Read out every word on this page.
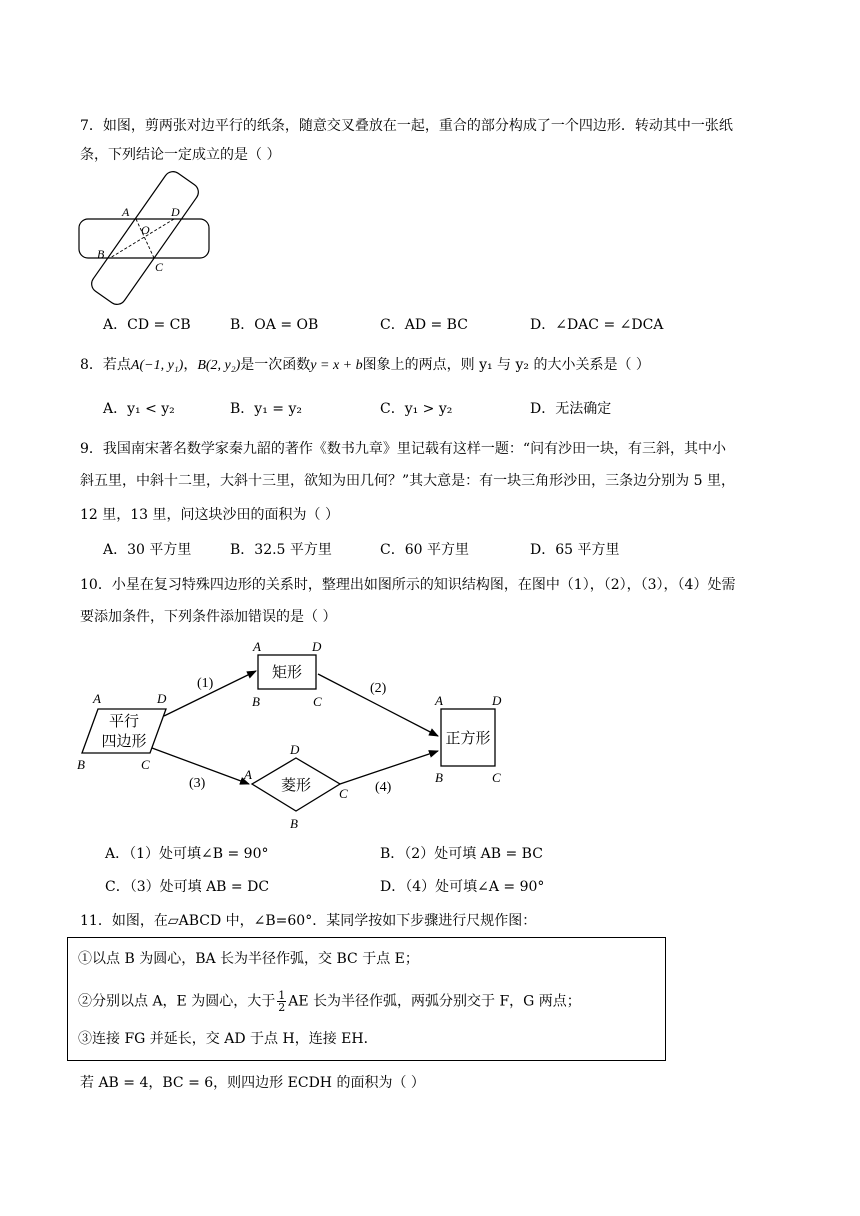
7．如图，剪两张对边平行的纸条，随意交叉叠放在一起，重合的部分构成了一个四边形．转动其中一张纸
条，下列结论一定成立的是（ ）
A	D
O
B
C
A．CD = CB	B．OA = OB	C．AD = BC	D．∠DAC = ∠DCA
8．若点A(−1, y₁)，B(2, y₂)是一次函数y = x + b图象上的两点，则 y₁ 与 y₂ 的大小关系是（ ）
A．y₁ < y₂	B．y₁ = y₂	C．y₁ > y₂	D．无法确定
9．我国南宋著名数学家秦九韶的著作《数书九章》里记载有这样一题：“问有沙田一块，有三斜，其中小
斜五里，中斜十二里，大斜十三里，欲知为田几何？”其大意是：有一块三角形沙田，三条边分别为 5 里，
12 里，13 里，问这块沙田的面积为（ ）
A．30 平方里	B．32.5 平方里	C．60 平方里	D．65 平方里
10．小星在复习特殊四边形的关系时，整理出如图所示的知识结构图，在图中（1），（2），（3），（4）处需
要添加条件，下列条件添加错误的是（ ）
平行
四边形
A	D
B	C
矩形
A	D
B	C
菱形
D
A
C
B
正方形
A	D
B	C
(1)	(2)
(3)	(4)
A．（1）处可填∠B = 90°	B．（2）处可填 AB = BC
C．（3）处可填 AB = DC	D．（4）处可填∠A = 90°
11．如图，在▱ABCD 中，∠B=60°．某同学按如下步骤进行尺规作图：
①以点 B 为圆心，BA 长为半径作弧，交 BC 于点 E；
②分别以点 A，E 为圆心，大于 $\frac{1}{2}$ AE 长为半径作弧，两弧分别交于 F，G 两点；
③连接 FG 并延长，交 AD 于点 H，连接 EH．
若 AB = 4，BC = 6，则四边形 ECDH 的面积为（ ）
